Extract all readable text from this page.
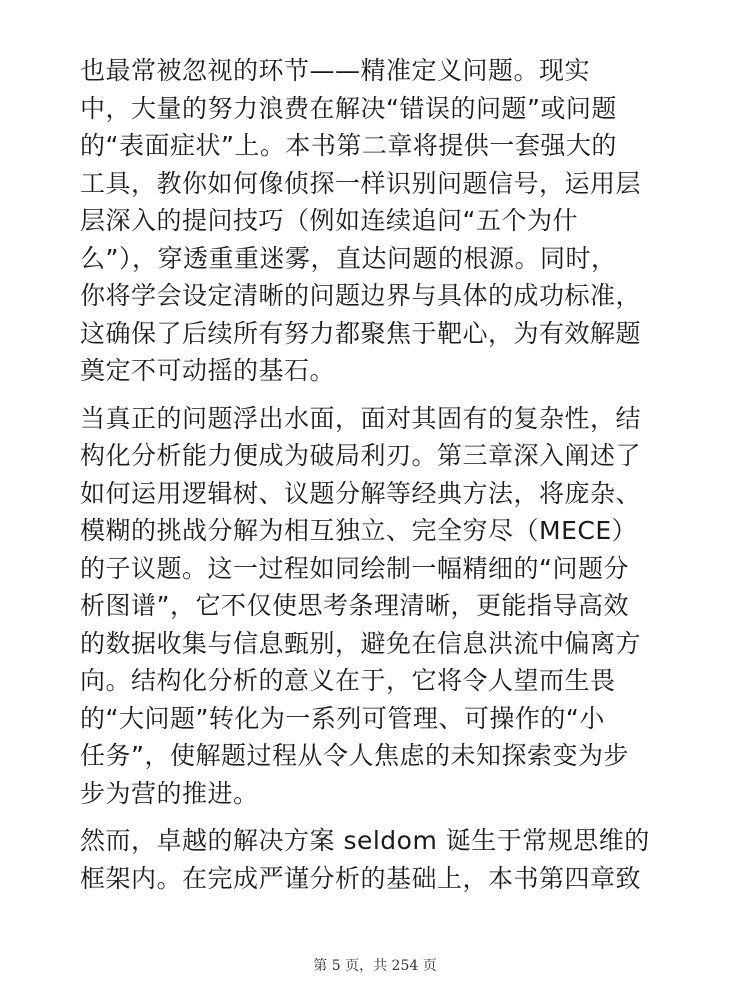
也最常被忽视的环节——精准定义问题。现实
中，大量的努力浪费在解决“错误的问题”或问题
的“表面症状”上。本书第二章将提供一套强大的
工具，教你如何像侦探一样识别问题信号，运用层
层深入的提问技巧（例如连续追问“五个为什
么”），穿透重重迷雾，直达问题的根源。同时，
你将学会设定清晰的问题边界与具体的成功标准，
这确保了后续所有努力都聚焦于靶心，为有效解题
奠定不可动摇的基石。

当真正的问题浮出水面，面对其固有的复杂性，结
构化分析能力便成为破局利刃。第三章深入阐述了
如何运用逻辑树、议题分解等经典方法，将庞杂、
模糊的挑战分解为相互独立、完全穷尽（MECE）
的子议题。这一过程如同绘制一幅精细的“问题分
析图谱”，它不仅使思考条理清晰，更能指导高效
的数据收集与信息甄别，避免在信息洪流中偏离方
向。结构化分析的意义在于，它将令人望而生畏
的“大问题”转化为一系列可管理、可操作的“小
任务”，使解题过程从令人焦虑的未知探索变为步
步为营的推进。

然而，卓越的解决方案 seldom 诞生于常规思维的
框架内。在完成严谨分析的基础上，本书第四章致

第 5 页，共 254 页
